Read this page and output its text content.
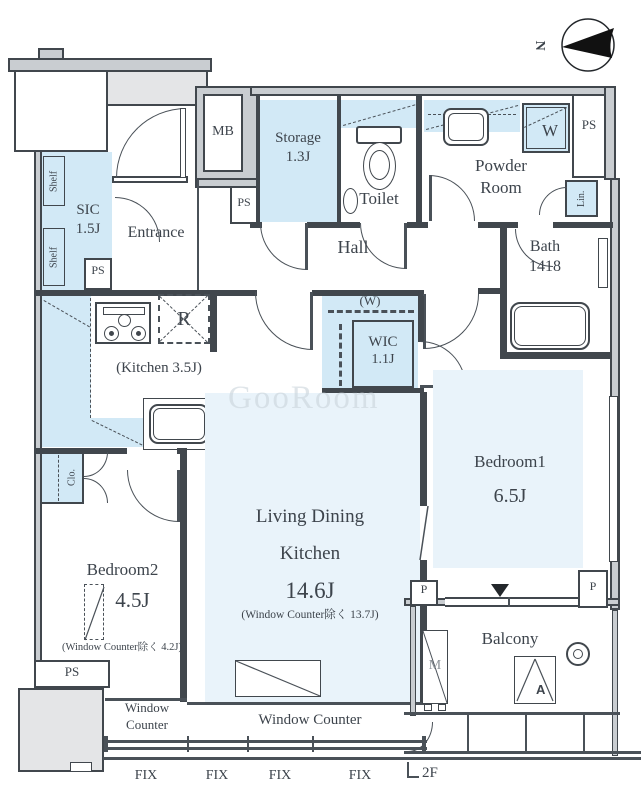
N
MB
PS
Shelf
Shelf
SIC
1.5J
PS
Entrance
Storage
1.3J
Toilet
W
Powder
Room
PS
Lin.
Bath
1418
Hall
(W)
WIC
1.1J
R
(Kitchen 3.5J)
GooRoom
Living Dining
Kitchen
14.6J
(Window Counter除く 13.7J)
Bedroom1
6.5J
Clo.
Bedroom2
4.5J
(Window Counter除く 4.2J)
PS
Window
Counter	Window Counter
P	P
Balcony
M
A
FIX	FIX	FIX	FIX	2F
